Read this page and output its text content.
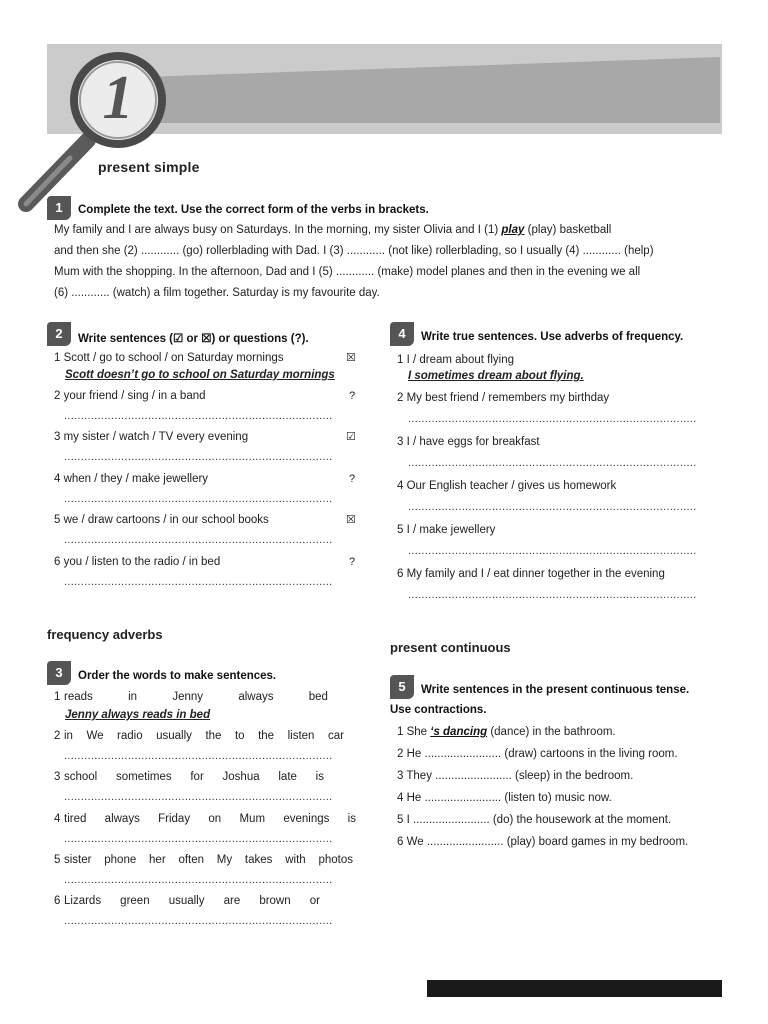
1
present simple
1	Complete the text. Use the correct form of the verbs in brackets.
My family and I are always busy on Saturdays. In the morning, my sister Olivia and I (1) play (play) basketball
and then she (2) ............ (go) rollerblading with Dad. I (3) ............ (not like) rollerblading, so I usually (4) ............ (help)
Mum with the shopping. In the afternoon, Dad and I (5) ............ (make) model planes and then in the evening we all
(6) ............ (watch) a film together. Saturday is my favourite day.
2	Write sentences (☑ or ☒) or questions (?).
1 Scott / go to school / on Saturday mornings	☒
Scott doesn’t go to school on Saturday mornings
2 your friend / sing / in a band	?
................................................................................
3 my sister / watch / TV every evening	☑
................................................................................
4 when / they / make jewellery	?
................................................................................
5 we / draw cartoons / in our school books	☒
................................................................................
6 you / listen to the radio / in bed	?
................................................................................
frequency adverbs
3	Order the words to make sentences.
1 reads	in	Jenny	always	bed
Jenny always reads in bed
2 in We radio usually the to the listen car
................................................................................
3 school sometimes for Joshua late is
................................................................................
4 tired always Friday on Mum evenings is
................................................................................
5 sister phone her often My takes with photos
................................................................................
6 Lizards green usually are brown or
................................................................................
4	Write true sentences. Use adverbs of frequency.
1 I / dream about flying
I sometimes dream about flying.
2 My best friend / remembers my birthday
......................................................................................
3 I / have eggs for breakfast
......................................................................................
4 Our English teacher / gives us homework
......................................................................................
5 I / make jewellery
......................................................................................
6 My family and I / eat dinner together in the evening
......................................................................................
present continuous
5	Write sentences in the present continuous tense.
Use contractions.
1 She ‘s dancing (dance) in the bathroom.
2 He ........................ (draw) cartoons in the living room.
3 They ........................ (sleep) in the bedroom.
4 He ........................ (listen to) music now.
5 I ........................ (do) the housework at the moment.
6 We ........................ (play) board games in my bedroom.
